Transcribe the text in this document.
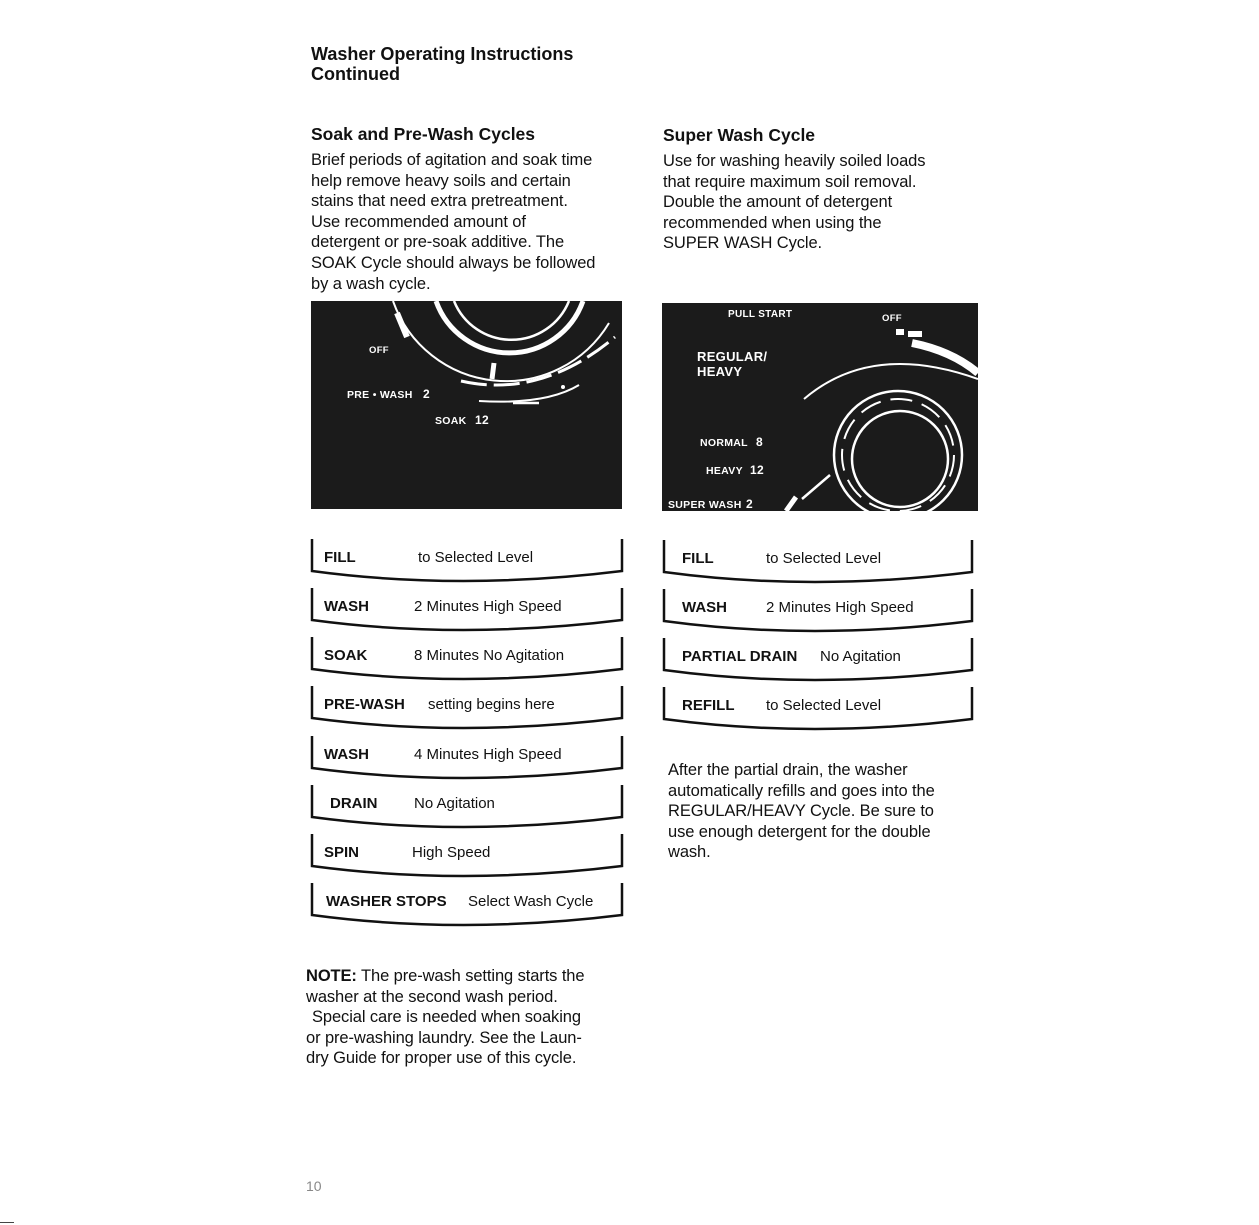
Washer Operating Instructions
Continued
Soak and Pre-Wash Cycles
Brief periods of agitation and soak time
help remove heavy soils and certain
stains that need extra pretreatment.
Use recommended amount of
detergent or pre-soak additive. The
SOAK Cycle should always be followed
by a wash cycle.
Super Wash Cycle
Use for washing heavily soiled loads
that require maximum soil removal.
Double the amount of detergent
recommended when using the
SUPER WASH Cycle.
OFF
PRE • WASH 2
SOAK 12
PULL START	OFF
REGULAR/
HEAVY
NORMAL 8
HEAVY 12
SUPER WASH 2
FILL	to Selected Level
WASH	2 Minutes High Speed
SOAK	8 Minutes No Agitation
PRE-WASH setting begins here
WASH	4 Minutes High Speed
DRAIN No Agitation
SPIN	High Speed
WASHER STOPS Select Wash Cycle
FILL	to Selected Level
WASH	2 Minutes High Speed
PARTIAL DRAIN No Agitation
REFILL to Selected Level
After the partial drain, the washer
automatically refills and goes into the
REGULAR/HEAVY Cycle. Be sure to
use enough detergent for the double
wash.
NOTE: The pre-wash setting starts the
washer at the second wash period.
Special care is needed when soaking
or pre-washing laundry. See the Laun-
dry Guide for proper use of this cycle.
10
